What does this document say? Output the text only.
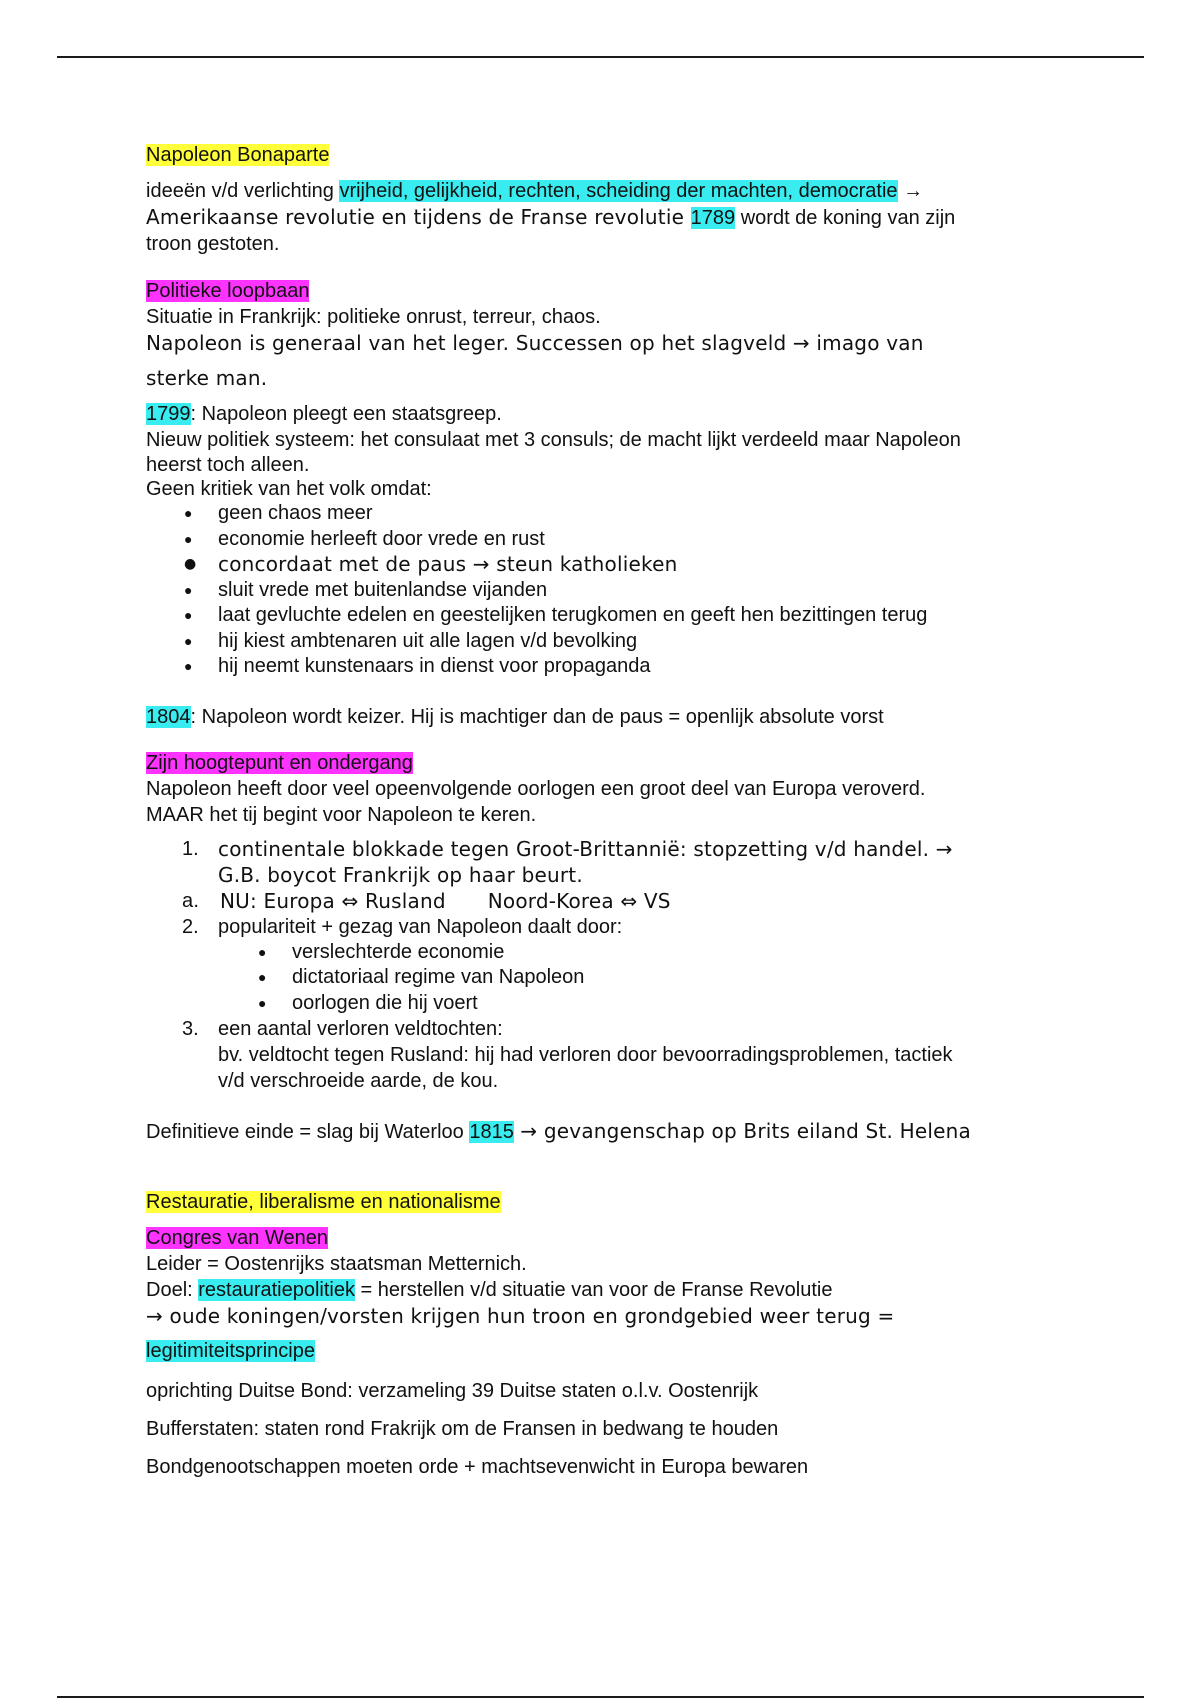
Napoleon Bonaparte

ideeën v/d verlichting vrijheid, gelijkheid, rechten, scheiding der machten, democratie →

Amerikaanse revolutie en tijdens de Franse revolutie 1789 wordt de koning van zijn

troon gestoten.

Politieke loopbaan

Situatie in Frankrijk: politieke onrust, terreur, chaos.

Napoleon is generaal van het leger. Successen op het slagveld → imago van

sterke man.

1799: Napoleon pleegt een staatsgreep.

Nieuw politiek systeem: het consulaat met 3 consuls; de macht lijkt verdeeld maar Napoleon

heerst toch alleen.

Geen kritiek van het volk omdat:

● geen chaos meer
● economie herleeft door vrede en rust
● concordaat met de paus → steun katholieken
● sluit vrede met buitenlandse vijanden
● laat gevluchte edelen en geestelijken terugkomen en geeft hen bezittingen terug
● hij kiest ambtenaren uit alle lagen v/d bevolking
● hij neemt kunstenaars in dienst voor propaganda

1804: Napoleon wordt keizer. Hij is machtiger dan de paus = openlijk absolute vorst

Zijn hoogtepunt en ondergang

Napoleon heeft door veel opeenvolgende oorlogen een groot deel van Europa veroverd.

MAAR het tij begint voor Napoleon te keren.

1. continentale blokkade tegen Groot-Brittannië: stopzetting v/d handel. →
G.B. boycot Frankrijk op haar beurt.
a. NU: Europa ⇔ Rusland Noord-Korea ⇔ VS
2. populariteit + gezag van Napoleon daalt door:
● verslechterde economie
● dictatoriaal regime van Napoleon
● oorlogen die hij voert
3. een aantal verloren veldtochten:
bv. veldtocht tegen Rusland: hij had verloren door bevoorradingsproblemen, tactiek
v/d verschroeide aarde, de kou.

Definitieve einde = slag bij Waterloo 1815 → gevangenschap op Brits eiland St. Helena

Restauratie, liberalisme en nationalisme

Congres van Wenen

Leider = Oostenrijks staatsman Metternich.

Doel: restauratiepolitiek = herstellen v/d situatie van voor de Franse Revolutie

→ oude koningen/vorsten krijgen hun troon en grondgebied weer terug =

legitimiteitsprincipe

oprichting Duitse Bond: verzameling 39 Duitse staten o.l.v. Oostenrijk

Bufferstaten: staten rond Frakrijk om de Fransen in bedwang te houden

Bondgenootschappen moeten orde + machtsevenwicht in Europa bewaren
